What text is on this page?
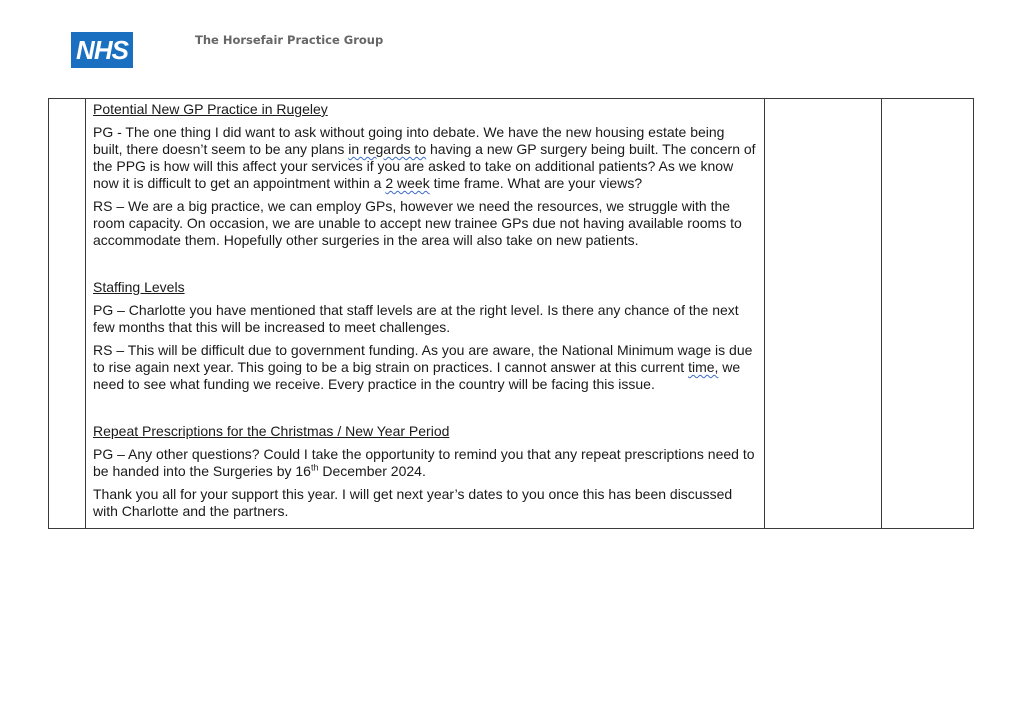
NHS	The Horsefair Practice Group

Potential New GP Practice in Rugeley

PG - The one thing I did want to ask without going into debate. We have the new housing estate being built, there doesn’t seem to be any plans in regards to having a new GP surgery being built. The concern of the PPG is how will this affect your services if you are asked to take on additional patients? As we know now it is difficult to get an appointment within a 2 week time frame. What are your views?

RS – We are a big practice, we can employ GPs, however we need the resources, we struggle with the room capacity. On occasion, we are unable to accept new trainee GPs due not having available rooms to accommodate them. Hopefully other surgeries in the area will also take on new patients.

Staffing Levels

PG – Charlotte you have mentioned that staff levels are at the right level. Is there any chance of the next few months that this will be increased to meet challenges.

RS – This will be difficult due to government funding. As you are aware, the National Minimum wage is due to rise again next year. This going to be a big strain on practices. I cannot answer at this current time, we need to see what funding we receive. Every practice in the country will be facing this issue.

Repeat Prescriptions for the Christmas / New Year Period

PG – Any other questions? Could I take the opportunity to remind you that any repeat prescriptions need to be handed into the Surgeries by 16th December 2024.

Thank you all for your support this year. I will get next year’s dates to you once this has been discussed with Charlotte and the partners.
